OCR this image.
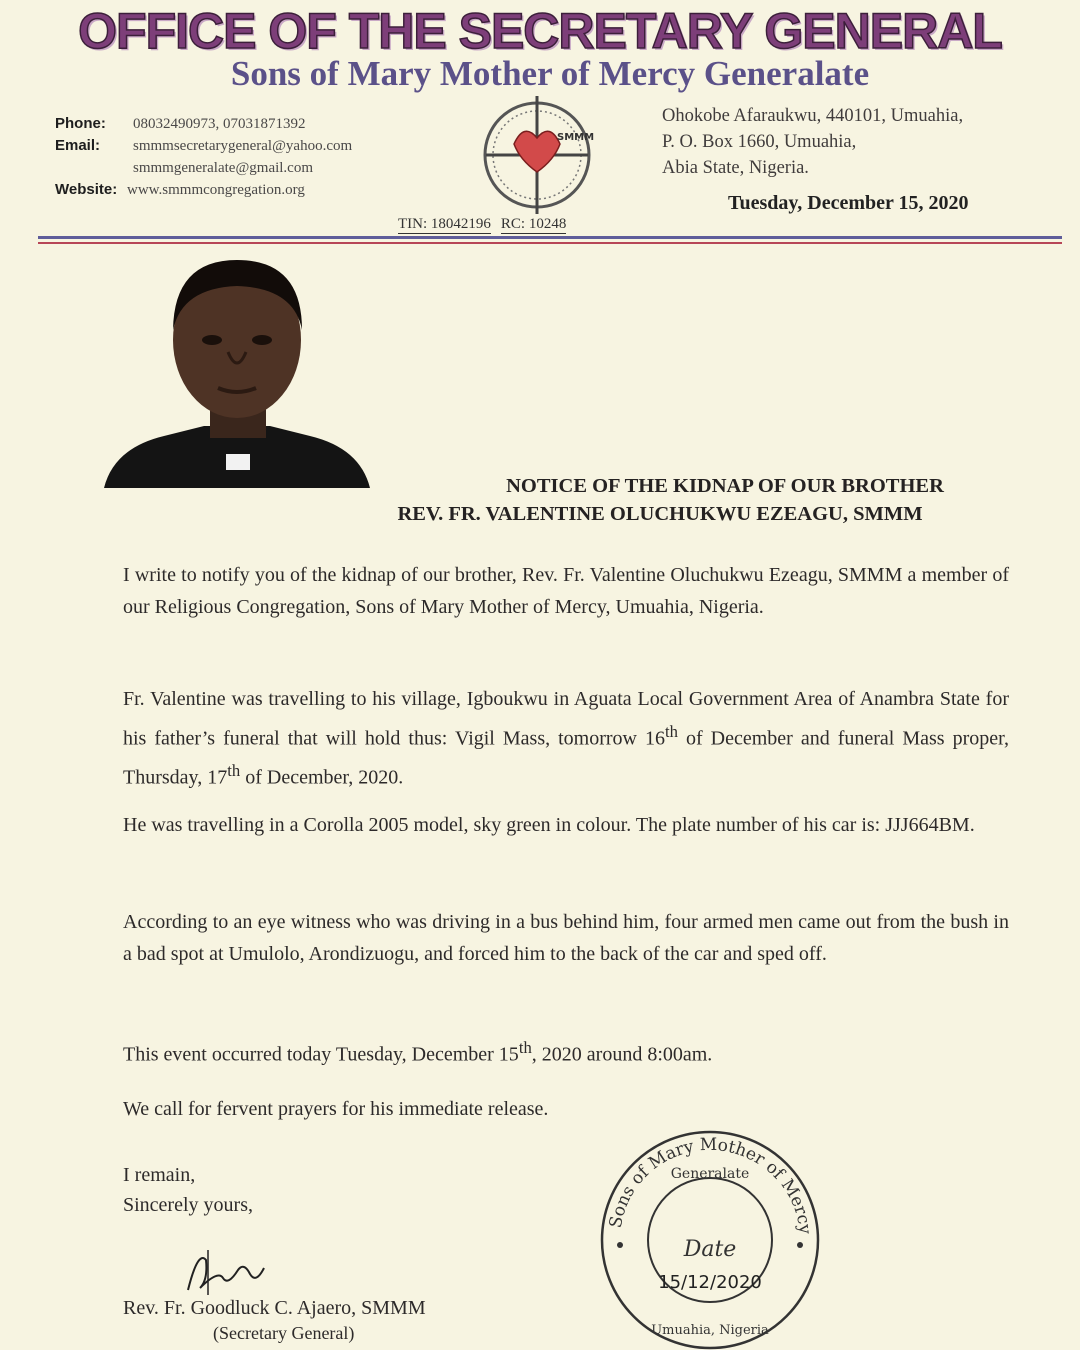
OFFICE OF THE SECRETARY GENERAL
Sons of Mary Mother of Mercy Generalate
Phone:	08032490973, 07031871392
Email:	smmmsecretarygeneral@yahoo.com
smmmgeneralate@gmail.com
Website: www.smmmcongregation.org
SMMM
Ohokobe Afaraukwu, 440101, Umuahia,
P. O. Box 1660, Umuahia,
Abia State, Nigeria.
Tuesday, December 15, 2020
TIN: 18042196 RC: 10248
NOTICE OF THE KIDNAP OF OUR BROTHER
REV. FR. VALENTINE OLUCHUKWU EZEAGU, SMMM

I write to notify you of the kidnap of our brother, Rev. Fr. Valentine Oluchukwu Ezeagu, SMMM a member of our Religious Congregation, Sons of Mary Mother of Mercy, Umuahia, Nigeria.

Fr. Valentine was travelling to his village, Igboukwu in Aguata Local Government Area of Anambra State for his father’s funeral that will hold thus: Vigil Mass, tomorrow 16th of December and funeral Mass proper, Thursday, 17th of December, 2020.

He was travelling in a Corolla 2005 model, sky green in colour. The plate number of his car is: JJJ664BM.

According to an eye witness who was driving in a bus behind him, four armed men came out from the bush in a bad spot at Umulolo, Arondizuogu, and forced him to the back of the car and sped off.

This event occurred today Tuesday, December 15th, 2020 around 8:00am.

We call for fervent prayers for his immediate release.

I remain,
Sincerely yours,
Rev. Fr. Goodluck C. Ajaero, SMMM
(Secretary General)
Sons of Mary Mother of Mercy
Generalate
Date
15/12/2020
Umuahia, Nigeria
